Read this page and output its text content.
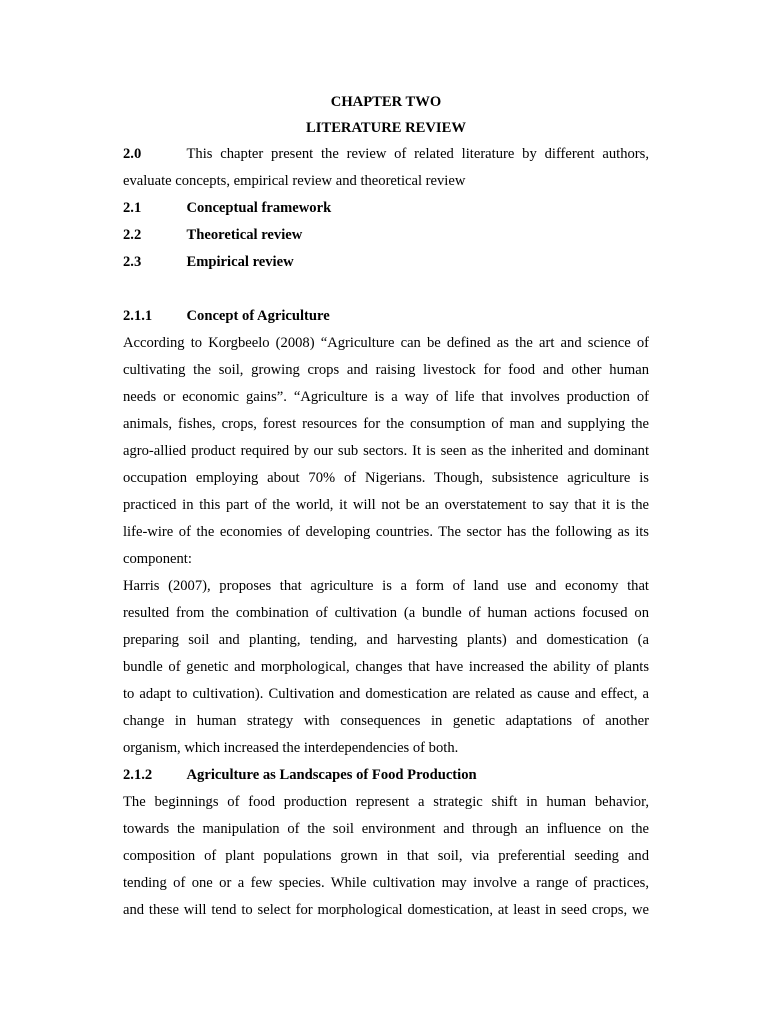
CHAPTER TWO
LITERATURE REVIEW
2.0	This chapter present the review of related literature by different authors,
evaluate concepts, empirical review and theoretical review
2.1	Conceptual framework
2.2	Theoretical review
2.3	Empirical review
2.1.1	Concept of Agriculture
According to Korgbeelo (2008) “Agriculture can be defined as the art and science of
cultivating the soil, growing crops and raising livestock for food and other human
needs or economic gains”. “Agriculture is a way of life that involves production of
animals, fishes, crops, forest resources for the consumption of man and supplying the
agro-allied product required by our sub sectors. It is seen as the inherited and dominant
occupation employing about 70% of Nigerians. Though, subsistence agriculture is
practiced in this part of the world, it will not be an overstatement to say that it is the
life-wire of the economies of developing countries. The sector has the following as its
component:
Harris (2007), proposes that agriculture is a form of land use and economy that
resulted from the combination of cultivation (a bundle of human actions focused on
preparing soil and planting, tending, and harvesting plants) and domestication (a
bundle of genetic and morphological, changes that have increased the ability of plants
to adapt to cultivation). Cultivation and domestication are related as cause and effect, a
change in human strategy with consequences in genetic adaptations of another
organism, which increased the interdependencies of both.
2.1.2	Agriculture as Landscapes of Food Production
The beginnings of food production represent a strategic shift in human behavior,
towards the manipulation of the soil environment and through an influence on the
composition of plant populations grown in that soil, via preferential seeding and
tending of one or a few species. While cultivation may involve a range of practices,
and these will tend to select for morphological domestication, at least in seed crops, we
